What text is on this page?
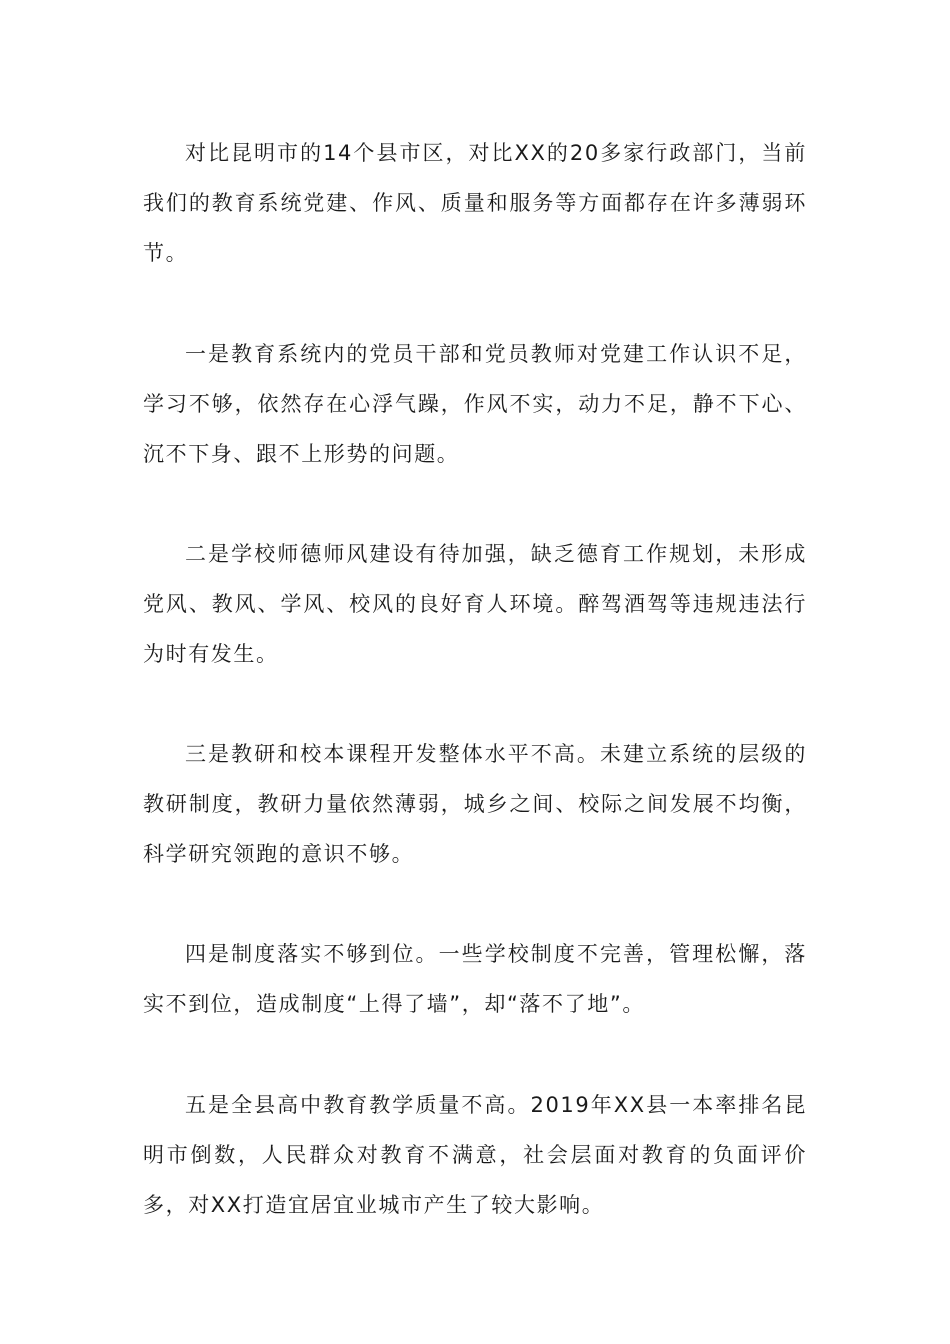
对比昆明市的14个县市区，对比XX的20多家行政部门，当前我们的教育系统党建、作风、质量和服务等方面都存在许多薄弱环节。

一是教育系统内的党员干部和党员教师对党建工作认识不足，学习不够，依然存在心浮气躁，作风不实，动力不足，静不下心、沉不下身、跟不上形势的问题。

二是学校师德师风建设有待加强，缺乏德育工作规划，未形成党风、教风、学风、校风的良好育人环境。醉驾酒驾等违规违法行为时有发生。

三是教研和校本课程开发整体水平不高。未建立系统的层级的教研制度，教研力量依然薄弱，城乡之间、校际之间发展不均衡，科学研究领跑的意识不够。

四是制度落实不够到位。一些学校制度不完善，管理松懈，落实不到位，造成制度“上得了墙”，却“落不了地”。

五是全县高中教育教学质量不高。2019年XX县一本率排名昆明市倒数，人民群众对教育不满意，社会层面对教育的负面评价多，对XX打造宜居宜业城市产生了较大影响。
